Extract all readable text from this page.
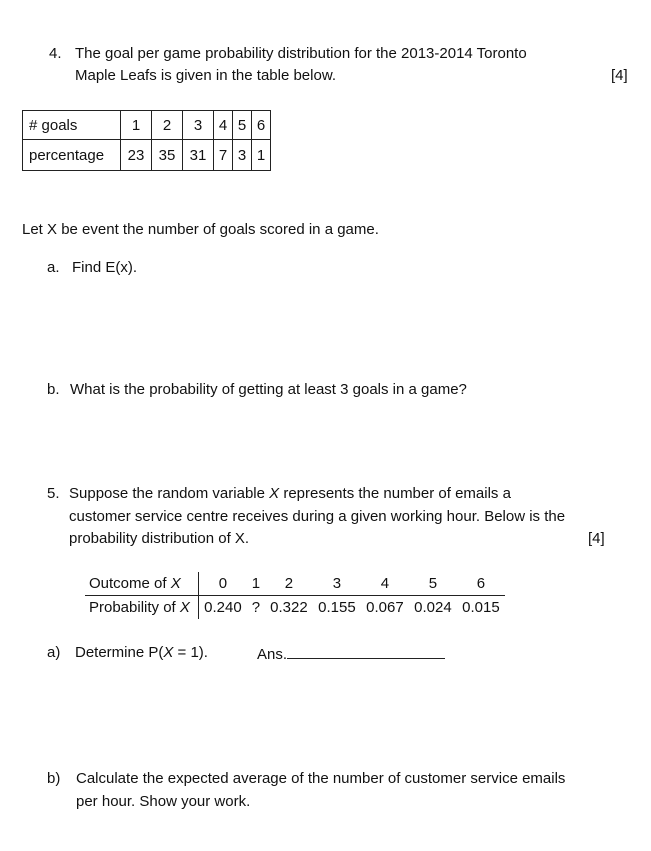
4. The goal per game probability distribution for the 2013-2014 Toronto
Maple Leafs is given in the table below.	[4]
# goals	1	2	3	4	5	6
percentage	23	35	31	7	3	1
Let X be event the number of goals scored in a game.
a. Find E(x).
b. What is the probability of getting at least 3 goals in a game?
5. Suppose the random variable X represents the number of emails a
customer service centre receives during a given working hour. Below is the
probability distribution of X.	[4]
Outcome of X	0	1	2	3	4	5	6
Probability of X	0.240	?	0.322	0.155	0.067	0.024	0.015
a) Determine P(X = 1).	Ans.
b) Calculate the expected average of the number of customer service emails
per hour. Show your work.
